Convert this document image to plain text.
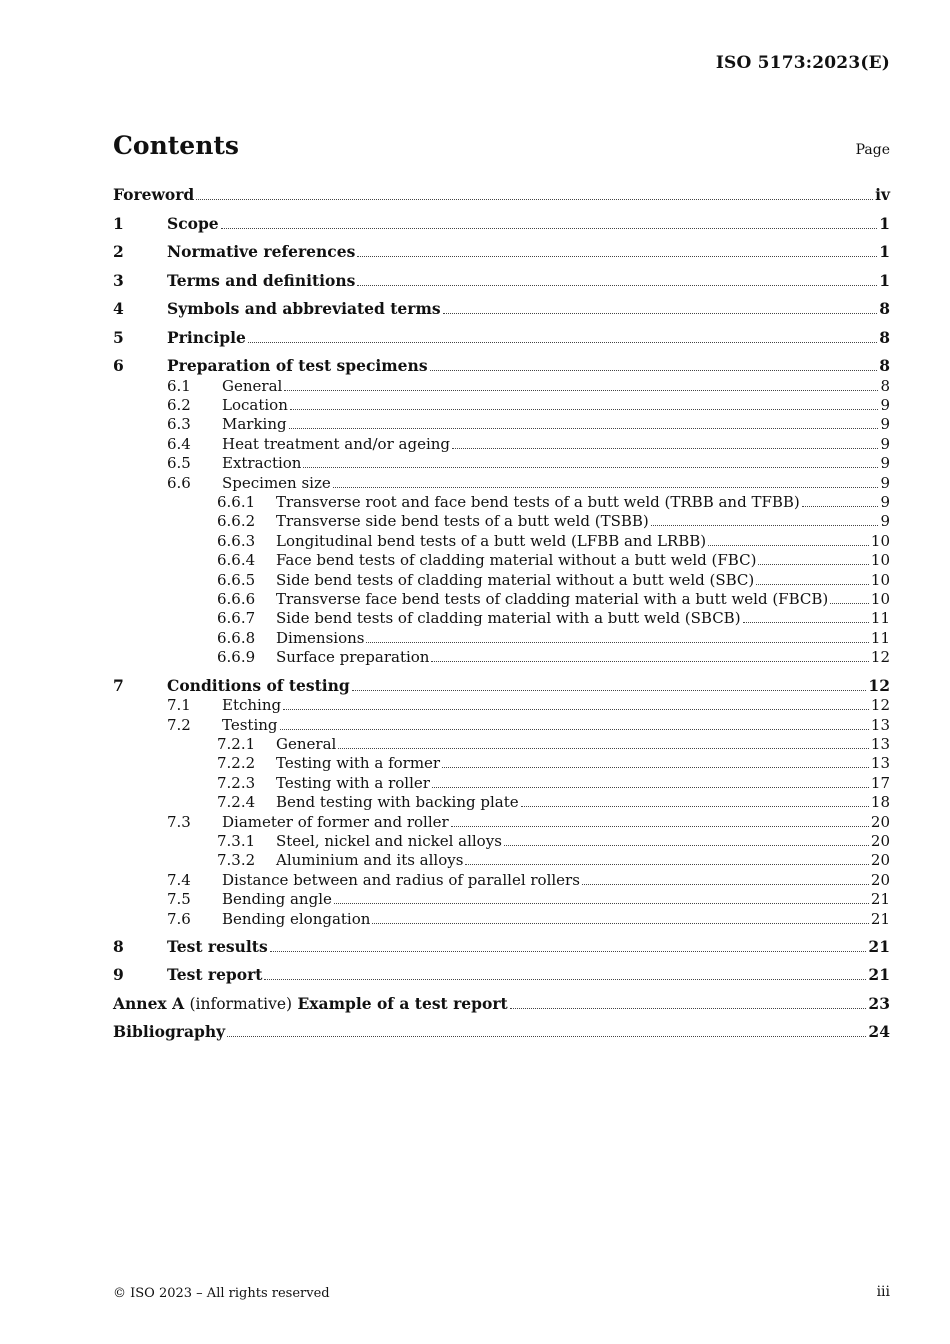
ISO 5173:2023(E)
Contents	Page
Foreword	iv
1	Scope	1
2	Normative references	1
3	Terms and definitions	1
4	Symbols and abbreviated terms	8
5	Principle	8
6	Preparation of test specimens	8
6.1	General	8
6.2	Location	9
6.3	Marking	9
6.4	Heat treatment and/or ageing	9
6.5	Extraction	9
6.6	Specimen size	9
6.6.1	Transverse root and face bend tests of a butt weld (TRBB and TFBB)	9
6.6.2	Transverse side bend tests of a butt weld (TSBB)	9
6.6.3	Longitudinal bend tests of a butt weld (LFBB and LRBB)	10
6.6.4	Face bend tests of cladding material without a butt weld (FBC)	10
6.6.5	Side bend tests of cladding material without a butt weld (SBC)	10
6.6.6	Transverse face bend tests of cladding material with a butt weld (FBCB)	10
6.6.7	Side bend tests of cladding material with a butt weld (SBCB)	11
6.6.8	Dimensions	11
6.6.9	Surface preparation	12
7	Conditions of testing	12
7.1	Etching	12
7.2	Testing	13
7.2.1	General	13
7.2.2	Testing with a former	13
7.2.3	Testing with a roller	17
7.2.4	Bend testing with backing plate	18
7.3	Diameter of former and roller	20
7.3.1	Steel, nickel and nickel alloys	20
7.3.2	Aluminium and its alloys	20
7.4	Distance between and radius of parallel rollers	20
7.5	Bending angle	21
7.6	Bending elongation	21
8	Test results	21
9	Test report	21
Annex A (informative) Example of a test report	23
Bibliography	24
© ISO 2023 – All rights reserved	iii
